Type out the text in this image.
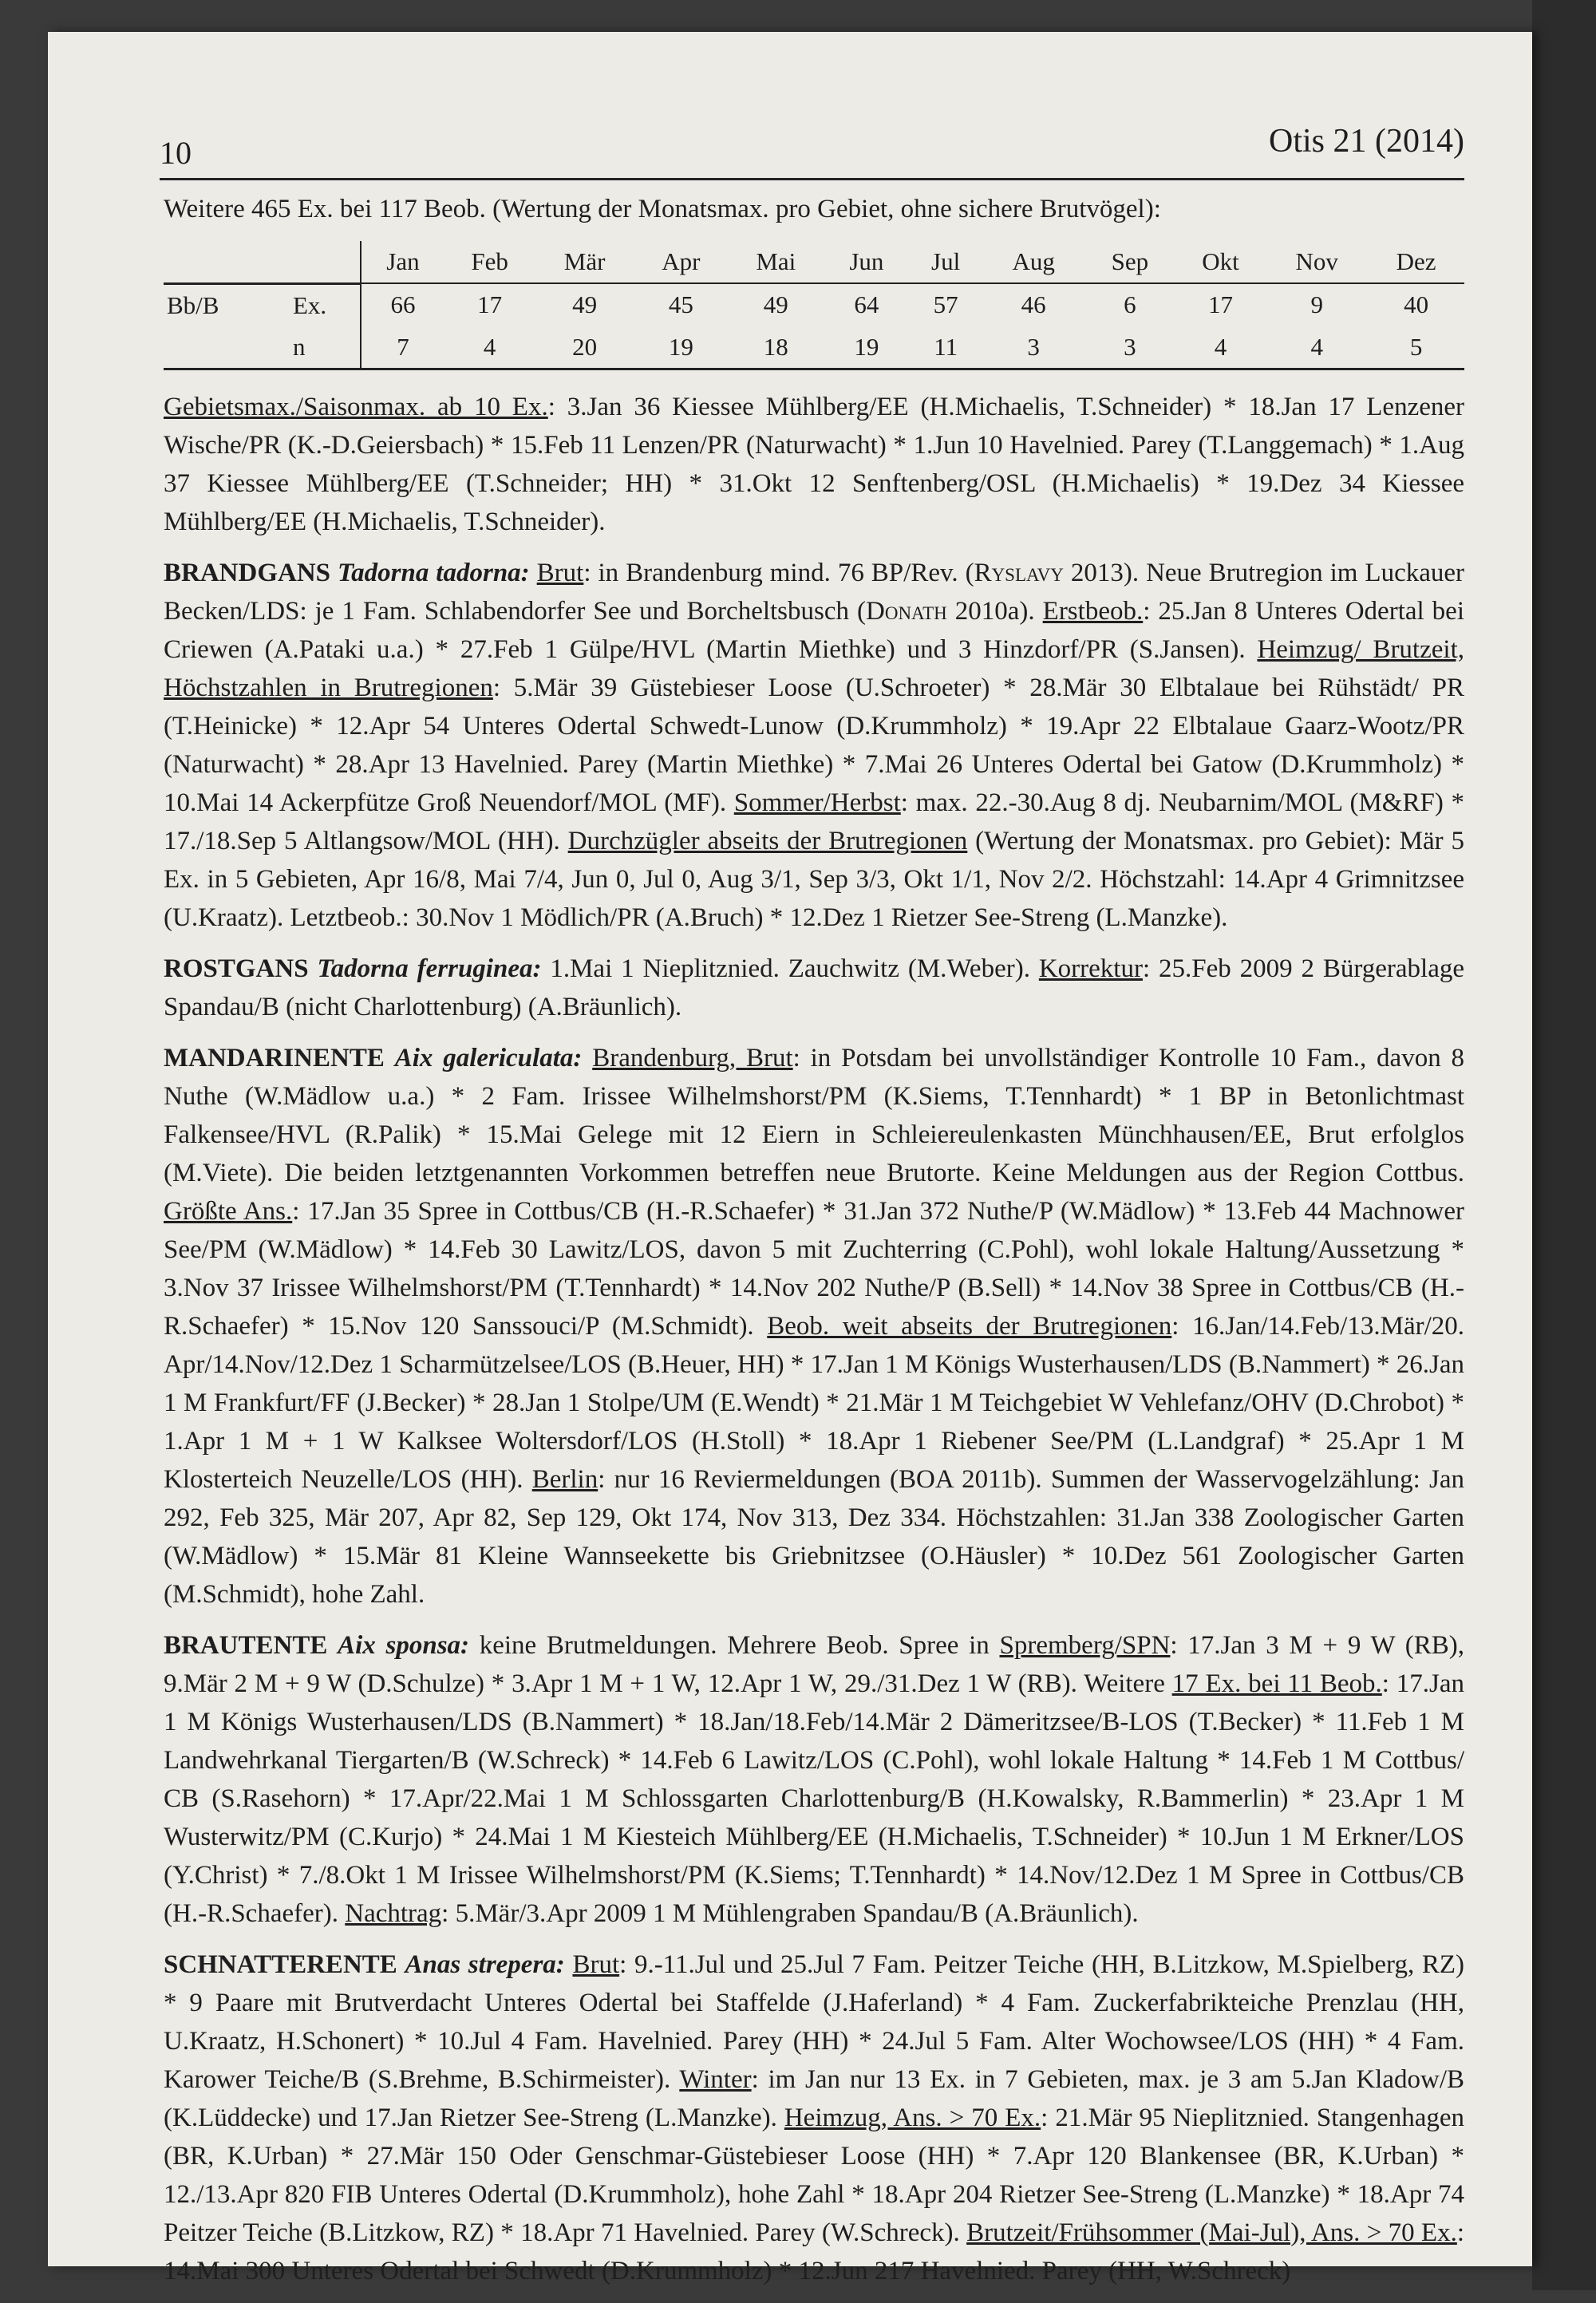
10	Otis 21 (2014)

Weitere 465 Ex. bei 117 Beob. (Wertung der Monatsmax. pro Gebiet, ohne sichere Brutvögel):

		Jan	Feb	Mär	Apr	Mai	Jun	Jul	Aug	Sep	Okt	Nov	Dez
Bb/B	Ex.	66	17	49	45	49	64	57	46	6	17	9	40
	n	7	4	20	19	18	19	11	3	3	4	4	5

Gebietsmax./Saisonmax. ab 10 Ex.: 3.Jan 36 Kiessee Mühlberg/EE (H.Michaelis, T.Schneider) * 18.Jan 17 Lenzener Wische/PR (K.-D.Geiersbach) * 15.Feb 11 Lenzen/PR (Naturwacht) * 1.Jun 10 Havelnied. Parey (T.Langgemach) * 1.Aug 37 Kiessee Mühlberg/EE (T.Schneider; HH) * 31.Okt 12 Senftenberg/OSL (H.Michaelis) * 19.Dez 34 Kiessee Mühlberg/EE (H.Michaelis, T.Schneider).

BRANDGANS Tadorna tadorna: Brut: in Brandenburg mind. 76 BP/Rev. (Ryslavy 2013). Neue Brutregion im Luckauer Becken/LDS: je 1 Fam. Schlabendorfer See und Borcheltsbusch (Donath 2010a). Erstbeob.: 25.Jan 8 Unteres Odertal bei Criewen (A.Pataki u.a.) * 27.Feb 1 Gülpe/HVL (Martin Miethke) und 3 Hinzdorf/PR (S.Jansen). Heimzug/ Brutzeit, Höchstzahlen in Brutregionen: 5.Mär 39 Güstebieser Loose (U.Schroeter) * 28.Mär 30 Elbtalaue bei Rühstädt/ PR (T.Heinicke) * 12.Apr 54 Unteres Odertal Schwedt-Lunow (D.Krummholz) * 19.Apr 22 Elbtalaue Gaarz-Wootz/PR (Naturwacht) * 28.Apr 13 Havelnied. Parey (Martin Miethke) * 7.Mai 26 Unteres Odertal bei Gatow (D.Krummholz) * 10.Mai 14 Ackerpfütze Groß Neuendorf/MOL (MF). Sommer/Herbst: max. 22.-30.Aug 8 dj. Neubarnim/MOL (M&RF) * 17./18.Sep 5 Altlangsow/MOL (HH). Durchzügler abseits der Brutregionen (Wertung der Monatsmax. pro Gebiet): Mär 5 Ex. in 5 Gebieten, Apr 16/8, Mai 7/4, Jun 0, Jul 0, Aug 3/1, Sep 3/3, Okt 1/1, Nov 2/2. Höchstzahl: 14.Apr 4 Grimnitzsee (U.Kraatz). Letztbeob.: 30.Nov 1 Mödlich/PR (A.Bruch) * 12.Dez 1 Rietzer See-Streng (L.Manzke).

ROSTGANS Tadorna ferruginea: 1.Mai 1 Nieplitznied. Zauchwitz (M.Weber). Korrektur: 25.Feb 2009 2 Bürgerablage Spandau/B (nicht Charlottenburg) (A.Bräunlich).

MANDARINENTE Aix galericulata: Brandenburg, Brut: in Potsdam bei unvollständiger Kontrolle 10 Fam., davon 8 Nuthe (W.Mädlow u.a.) * 2 Fam. Irissee Wilhelmshorst/PM (K.Siems, T.Tennhardt) * 1 BP in Betonlichtmast Falkensee/HVL (R.Palik) * 15.Mai Gelege mit 12 Eiern in Schleiereulenkasten Münchhausen/EE, Brut erfolglos (M.Viete). Die beiden letztgenannten Vorkommen betreffen neue Brutorte. Keine Meldungen aus der Region Cottbus. Größte Ans.: 17.Jan 35 Spree in Cottbus/CB (H.-R.Schaefer) * 31.Jan 372 Nuthe/P (W.Mädlow) * 13.Feb 44 Machnower See/PM (W.Mädlow) * 14.Feb 30 Lawitz/LOS, davon 5 mit Zuchterring (C.Pohl), wohl lokale Haltung/Aussetzung * 3.Nov 37 Irissee Wilhelmshorst/PM (T.Tennhardt) * 14.Nov 202 Nuthe/P (B.Sell) * 14.Nov 38 Spree in Cottbus/CB (H.-R.Schaefer) * 15.Nov 120 Sanssouci/P (M.Schmidt). Beob. weit abseits der Brutregionen: 16.Jan/14.Feb/13.Mär/20. Apr/14.Nov/12.Dez 1 Scharmützelsee/LOS (B.Heuer, HH) * 17.Jan 1 M Königs Wusterhausen/LDS (B.Nammert) * 26.Jan 1 M Frankfurt/FF (J.Becker) * 28.Jan 1 Stolpe/UM (E.Wendt) * 21.Mär 1 M Teichgebiet W Vehlefanz/OHV (D.Chrobot) * 1.Apr 1 M + 1 W Kalksee Woltersdorf/LOS (H.Stoll) * 18.Apr 1 Riebener See/PM (L.Landgraf) * 25.Apr 1 M Klosterteich Neuzelle/LOS (HH). Berlin: nur 16 Reviermeldungen (BOA 2011b). Summen der Wasservogelzählung: Jan 292, Feb 325, Mär 207, Apr 82, Sep 129, Okt 174, Nov 313, Dez 334. Höchstzahlen: 31.Jan 338 Zoologischer Garten (W.Mädlow) * 15.Mär 81 Kleine Wannseekette bis Griebnitzsee (O.Häusler) * 10.Dez 561 Zoologischer Garten (M.Schmidt), hohe Zahl.

BRAUTENTE Aix sponsa: keine Brutmeldungen. Mehrere Beob. Spree in Spremberg/SPN: 17.Jan 3 M + 9 W (RB), 9.Mär 2 M + 9 W (D.Schulze) * 3.Apr 1 M + 1 W, 12.Apr 1 W, 29./31.Dez 1 W (RB). Weitere 17 Ex. bei 11 Beob.: 17.Jan 1 M Königs Wusterhausen/LDS (B.Nammert) * 18.Jan/18.Feb/14.Mär 2 Dämeritzsee/B-LOS (T.Becker) * 11.Feb 1 M Landwehrkanal Tiergarten/B (W.Schreck) * 14.Feb 6 Lawitz/LOS (C.Pohl), wohl lokale Haltung * 14.Feb 1 M Cottbus/ CB (S.Rasehorn) * 17.Apr/22.Mai 1 M Schlossgarten Charlottenburg/B (H.Kowalsky, R.Bammerlin) * 23.Apr 1 M Wusterwitz/PM (C.Kurjo) * 24.Mai 1 M Kiesteich Mühlberg/EE (H.Michaelis, T.Schneider) * 10.Jun 1 M Erkner/LOS (Y.Christ) * 7./8.Okt 1 M Irissee Wilhelmshorst/PM (K.Siems; T.Tennhardt) * 14.Nov/12.Dez 1 M Spree in Cottbus/CB (H.-R.Schaefer). Nachtrag: 5.Mär/3.Apr 2009 1 M Mühlengraben Spandau/B (A.Bräunlich).

SCHNATTERENTE Anas strepera: Brut: 9.-11.Jul und 25.Jul 7 Fam. Peitzer Teiche (HH, B.Litzkow, M.Spielberg, RZ) * 9 Paare mit Brutverdacht Unteres Odertal bei Staffelde (J.Haferland) * 4 Fam. Zuckerfabrikteiche Prenzlau (HH, U.Kraatz, H.Schonert) * 10.Jul 4 Fam. Havelnied. Parey (HH) * 24.Jul 5 Fam. Alter Wochowsee/LOS (HH) * 4 Fam. Karower Teiche/B (S.Brehme, B.Schirmeister). Winter: im Jan nur 13 Ex. in 7 Gebieten, max. je 3 am 5.Jan Kladow/B (K.Lüddecke) und 17.Jan Rietzer See-Streng (L.Manzke). Heimzug, Ans. > 70 Ex.: 21.Mär 95 Nieplitznied. Stangenhagen (BR, K.Urban) * 27.Mär 150 Oder Genschmar-Güstebieser Loose (HH) * 7.Apr 120 Blankensee (BR, K.Urban) * 12./13.Apr 820 FIB Unteres Odertal (D.Krummholz), hohe Zahl * 18.Apr 204 Rietzer See-Streng (L.Manzke) * 18.Apr 74 Peitzer Teiche (B.Litzkow, RZ) * 18.Apr 71 Havelnied. Parey (W.Schreck). Brutzeit/Frühsommer (Mai-Jul), Ans. > 70 Ex.: 14.Mai 300 Unteres Odertal bei Schwedt (D.Krummholz) * 12.Jun 217 Havelnied. Parey (HH, W.Schreck)
